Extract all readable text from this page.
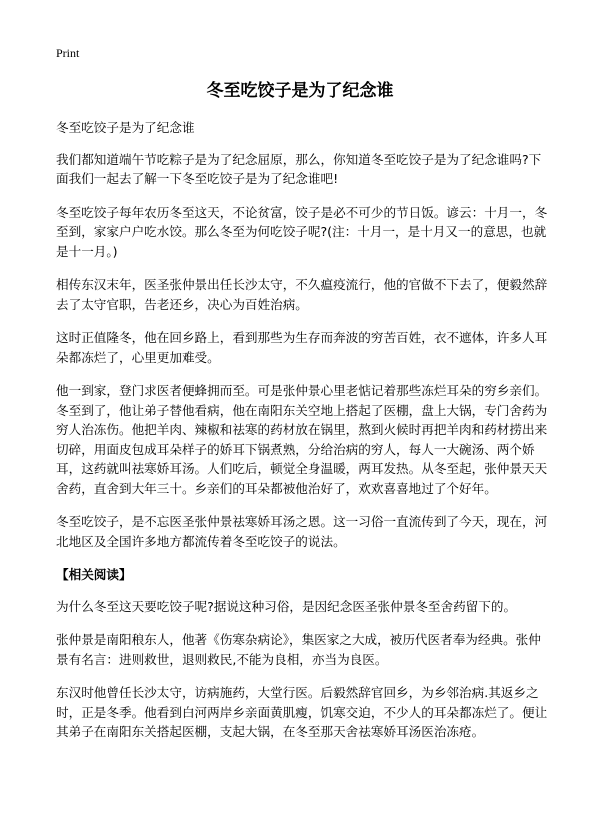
Print
冬至吃饺子是为了纪念谁

冬至吃饺子是为了纪念谁

我们都知道端午节吃粽子是为了纪念屈原，那么，你知道冬至吃饺子是为了纪念谁吗?下面我们一起去了解一下冬至吃饺子是为了纪念谁吧!

冬至吃饺子每年农历冬至这天，不论贫富，饺子是必不可少的节日饭。谚云：十月一，冬至到，家家户户吃水饺。那么冬至为何吃饺子呢?(注：十月一，是十月又一的意思，也就是十一月。)

相传东汉末年，医圣张仲景出任长沙太守，不久瘟疫流行，他的官做不下去了，便毅然辞去了太守官职，告老还乡，决心为百姓治病。

这时正值隆冬，他在回乡路上，看到那些为生存而奔波的穷苦百姓，衣不遮体，许多人耳朵都冻烂了，心里更加难受。

他一到家，登门求医者便蜂拥而至。可是张仲景心里老惦记着那些冻烂耳朵的穷乡亲们。冬至到了，他让弟子替他看病，他在南阳东关空地上搭起了医棚，盘上大锅，专门舍药为穷人治冻伤。他把羊肉、辣椒和祛寒的药材放在锅里，熬到火候时再把羊肉和药材捞出来切碎，用面皮包成耳朵样子的娇耳下锅煮熟，分给治病的穷人，每人一大碗汤、两个娇耳，这药就叫祛寒娇耳汤。人们吃后，顿觉全身温暖，两耳发热。从冬至起，张仲景天天舍药，直舍到大年三十。乡亲们的耳朵都被他治好了，欢欢喜喜地过了个好年。

冬至吃饺子，是不忘医圣张仲景祛寒娇耳汤之恩。这一习俗一直流传到了今天，现在，河北地区及全国许多地方都流传着冬至吃饺子的说法。

【相关阅读】

为什么冬至这天要吃饺子呢?据说这种习俗，是因纪念医圣张仲景冬至舍药留下的。

张仲景是南阳稂东人，他著《伤寒杂病论》，集医家之大成，被历代医者奉为经典。张仲景有名言：进则救世，退则救民,不能为良相，亦当为良医。

东汉时他曾任长沙太守，访病施药，大堂行医。后毅然辞官回乡，为乡邻治病.其返乡之时，正是冬季。他看到白河两岸乡亲面黄肌瘦，饥寒交迫，不少人的耳朵都冻烂了。便让其弟子在南阳东关搭起医棚，支起大锅，在冬至那天舍祛寒娇耳汤医治冻疮。
